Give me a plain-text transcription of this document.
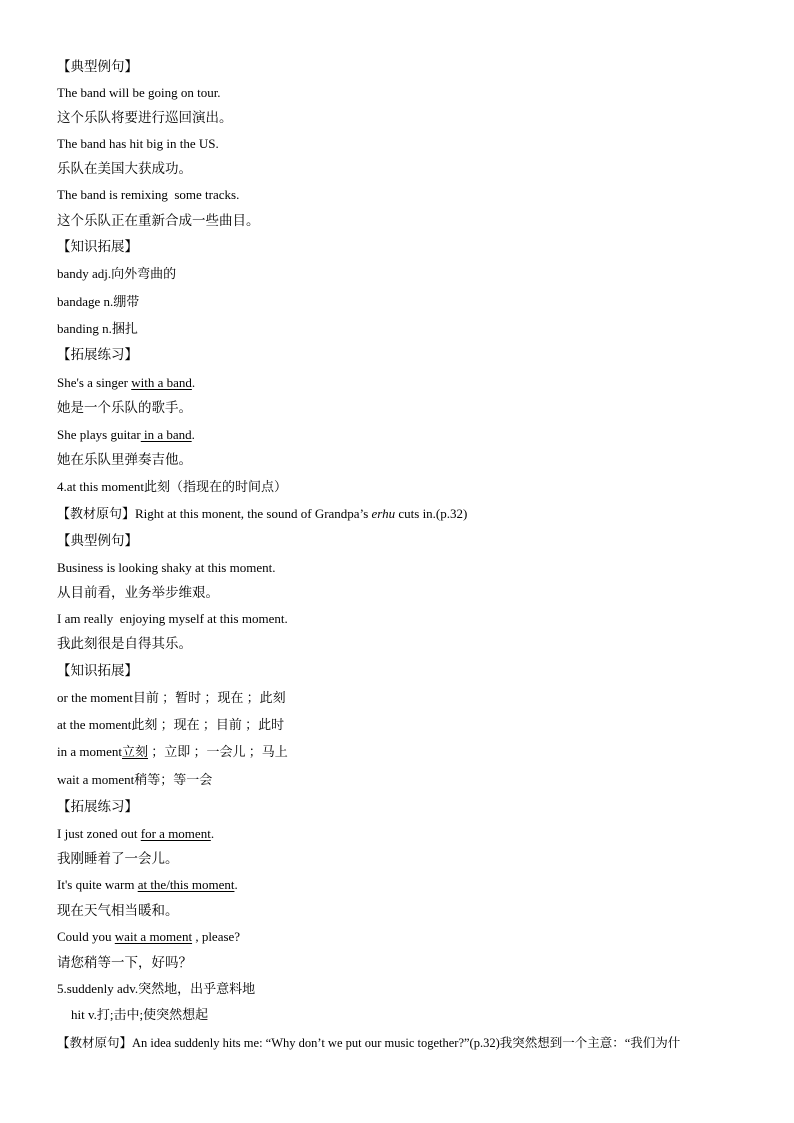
【典型例句】
The band will be going on tour.
这个乐队将要进行巡回演出。
The band has hit big in the US.
乐队在美国大获成功。
The band is remixing  some tracks.
这个乐队正在重新合成一些曲目。
【知识拓展】
bandy adj.向外弯曲的
bandage n.绷带
banding n.捆扎
【拓展练习】
She's a singer with a band.
她是一个乐队的歌手。
She plays guitar in a band.
她在乐队里弹奏吉他。
4.at this moment此刻（指现在的时间点）
【教材原句】Right at this monent, the sound of Grandpa’s erhu cuts in.(p.32)
【典型例句】
Business is looking shaky at this moment.
从目前看，业务举步维艰。
I am really  enjoying myself at this moment.
我此刻很是自得其乐。
【知识拓展】
or the moment目前 ；暂时 ；现在 ；此刻
at the moment此刻 ；现在 ；目前 ；此时
in a moment立刻 ；立即 ；一会儿 ；马上
wait a moment稍等；等一会
【拓展练习】
I just zoned out for a moment.
我刚睡着了一会儿。
It's quite warm at the/this moment.
现在天气相当暖和。
Could you wait a moment , please?
请您稍等一下，好吗？
5.suddenly adv.突然地，出乎意料地
hit v.打;击中;使突然想起
【教材原句】An idea suddenly hits me: “Why don’t we put our music together?”(p.32)我突然想到一个主意：“我们为什
